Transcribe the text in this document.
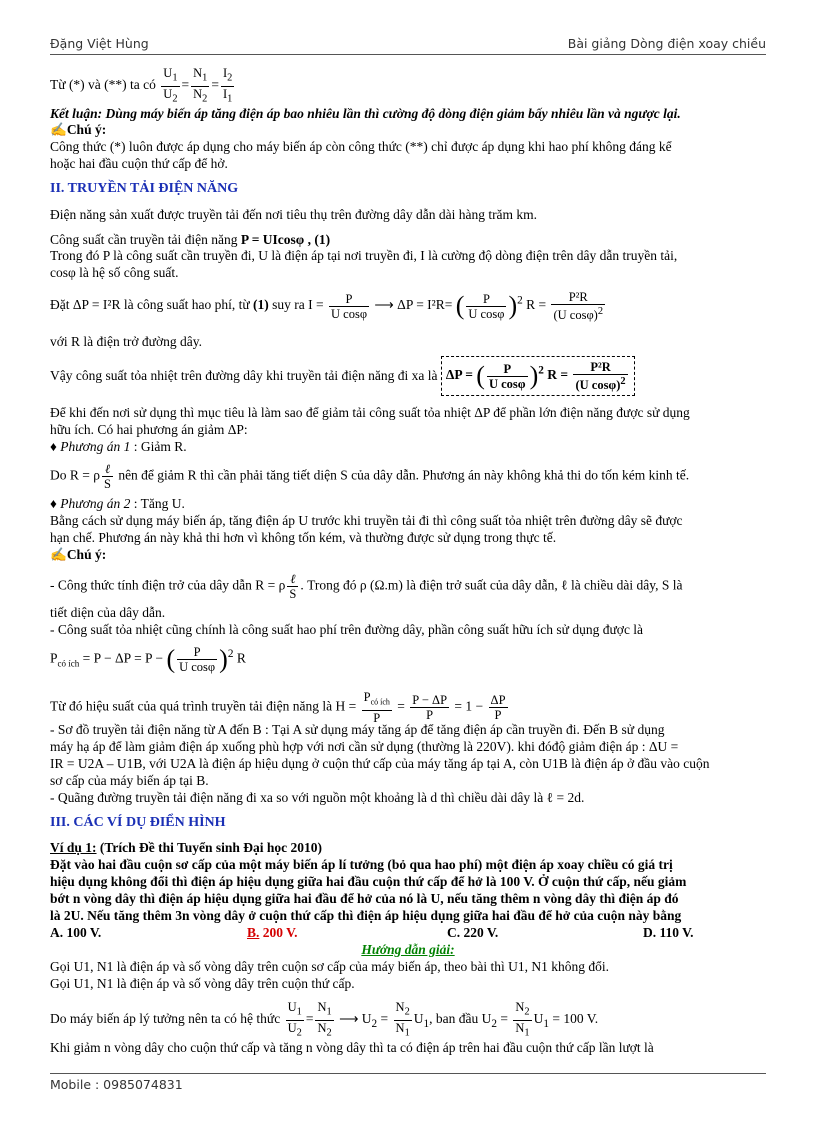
Đặng Việt Hùng	Bài giảng Dòng điện xoay chiều
Từ (*) và (**) ta có $\frac{U_1}{U_2} = \frac{N_1}{N_2} = \frac{I_2}{I_1}$
Kết luận: Dùng máy biến áp tăng điện áp bao nhiêu lần thì cường độ dòng điện giảm bấy nhiêu lần và ngược lại.
✍Chú ý:
Công thức (*) luôn được áp dụng cho máy biến áp còn công thức (**) chỉ được áp dụng khi hao phí không đáng kể
hoặc hai đầu cuộn thứ cấp để hở.
II. TRUYỀN TẢI ĐIỆN NĂNG
Điện năng sản xuất được truyền tải đến nơi tiêu thụ trên đường dây dẫn dài hàng trăm km.
Công suất cần truyền tải điện năng P = UIcosφ , (1)
Trong đó P là công suất cần truyền đi, U là điện áp tại nơi truyền đi, I là cường độ dòng điện trên dây dẫn truyền tải,
cosφ là hệ số công suất.
Đặt ΔP = I²R là công suất hao phí, từ (1) suy ra $I = \frac{P}{\text{U cosφ}}$ ⟶ ΔP = I²R= ( $\frac{P}{\text{U cosφ}} )^2$ $R = \frac{\text{P²R}}{(U \cos\varphi)^2}$
với R là điện trở đường dây.
Vậy công suất tỏa nhiệt trên đường dây khi truyền tải điện năng đi xa là ΔP = ( $\frac{P}{\text{U cosφ}} )^2$ $R = \frac{\text{P²R}}{(U \cos\varphi)^2}$
Để khi đến nơi sử dụng thì mục tiêu là làm sao để giảm tải công suất tỏa nhiệt ΔP để phần lớn điện năng được sử dụng
hữu ích. Có hai phương án giảm ΔP:
♦ Phương án 1 : Giảm R.
Do R = ρ $\frac{\text{ℓ}}{S}$ nên để giảm R thì cần phải tăng tiết diện S của dây dẫn. Phương án này không khả thi do tốn kém kinh tế.
♦ Phương án 2 : Tăng U.
Bằng cách sử dụng máy biến áp, tăng điện áp U trước khi truyền tải đi thì công suất tỏa nhiệt trên đường dây sẽ được
hạn chế. Phương án này khả thi hơn vì không tốn kém, và thường được sử dụng trong thực tế.
✍Chú ý:
- Công thức tính điện trở của dây dẫn R = ρ $\frac{\text{ℓ}}{S}$ . Trong đó ρ (Ω.m) là điện trở suất của dây dẫn, ℓ là chiều dài dây, S là
tiết diện của dây dẫn.
- Công suất tỏa nhiệt cũng chính là công suất hao phí trên đường dây, phần công suất hữu ích sử dụng được là
$P_{có ích} = P - \Delta P = P$ − ( $\frac{P}{\text{U cosφ}} )^2$ R
Từ đó hiệu suất của quá trình truyền tải điện năng là $H = \frac{P_{có ích}}{P} = \frac{P - \Delta P}{P} = 1 - \frac{\Delta P}{P}$
- Sơ đồ truyền tải điện năng từ A đến B : Tại A sử dụng máy tăng áp để tăng điện áp cần truyền đi. Đến B sử dụng
máy hạ áp để làm giảm điện áp xuống phù hợp với nơi cần sử dụng (thường là 220V). khi đóđộ giảm điện áp : ΔU =
IR = U2A – U1B, với U2A là điện áp hiệu dụng ở cuộn thứ cấp của máy tăng áp tại A, còn U1B là điện áp ở đầu vào cuộn
sơ cấp của máy biến áp tại B.
- Quãng đường truyền tải điện năng đi xa so với nguồn một khoảng là d thì chiều dài dây là ℓ = 2d.
III. CÁC VÍ DỤ ĐIỂN HÌNH
Ví dụ 1: (Trích Đề thi Tuyển sinh Đại học 2010)
Đặt vào hai đầu cuộn sơ cấp của một máy biến áp lí tưởng (bỏ qua hao phí) một điện áp xoay chiều có giá trị
hiệu dụng không đổi thì điện áp hiệu dụng giữa hai đầu cuộn thứ cấp để hở là 100 V. Ở cuộn thứ cấp, nếu giảm
bớt n vòng dây thì điện áp hiệu dụng giữa hai đầu để hở của nó là U, nếu tăng thêm n vòng dây thì điện áp đó
là 2U. Nếu tăng thêm 3n vòng dây ở cuộn thứ cấp thì điện áp hiệu dụng giữa hai đầu để hở của cuộn này bằng
A. 100 V.	B. 200 V.	C. 220 V.	D. 110 V.
Hướng dẫn giải:
Gọi U1, N1 là điện áp và số vòng dây trên cuộn sơ cấp của máy biến áp, theo bài thì U1, N1 không đổi.
Gọi U1, N1 là điện áp và số vòng dây trên cuộn thứ cấp.
Do máy biến áp lý tưởng nên ta có hệ thức $\frac{U_1}{U_2} = \frac{N_1}{N_2}$ ⟶ $U_2 = \frac{N_2}{N_1} U_1$, ban đầu $U_2 = \frac{N_2}{N_1} U_1 = 100$ V.
Khi giảm n vòng dây cho cuộn thứ cấp và tăng n vòng dây thì ta có điện áp trên hai đầu cuộn thứ cấp lần lượt là
Mobile : 0985074831
